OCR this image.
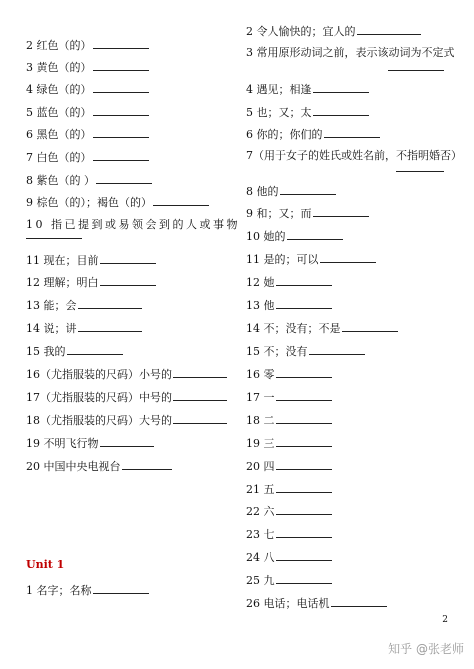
2 红色（的）
3 黄色（的）
4 绿色（的）
5 蓝色（的）
6 黑色（的）
7 白色（的）
8 紫色（的 ）
9 棕色（的）；褐色（的）
10 指已提到或易领会到的人或事物
11 现在；目前
12 理解；明白
13 能；会
14 说；讲
15 我的
16（尤指服装的尺码）小号的
17（尤指服装的尺码）中号的
18（尤指服装的尺码）大号的
19 不明飞行物
20 中国中央电视台
Unit 1
1 名字；名称
2 令人愉快的；宜人的
3 常用原形动词之前，表示该动词为不定式
4 遇见；相逢
5 也；又；太
6 你的；你们的
7（用于女子的姓氏或姓名前，不指明婚否）
8 他的
9 和；又；而
10 她的
11 是的；可以
12 她
13 他
14 不；没有；不是
15 不；没有
16 零
17 一
18 二
19 三
20 四
21 五
22 六
23 七
24 八
25 九
26 电话；电话机
2
知乎 @张老师
